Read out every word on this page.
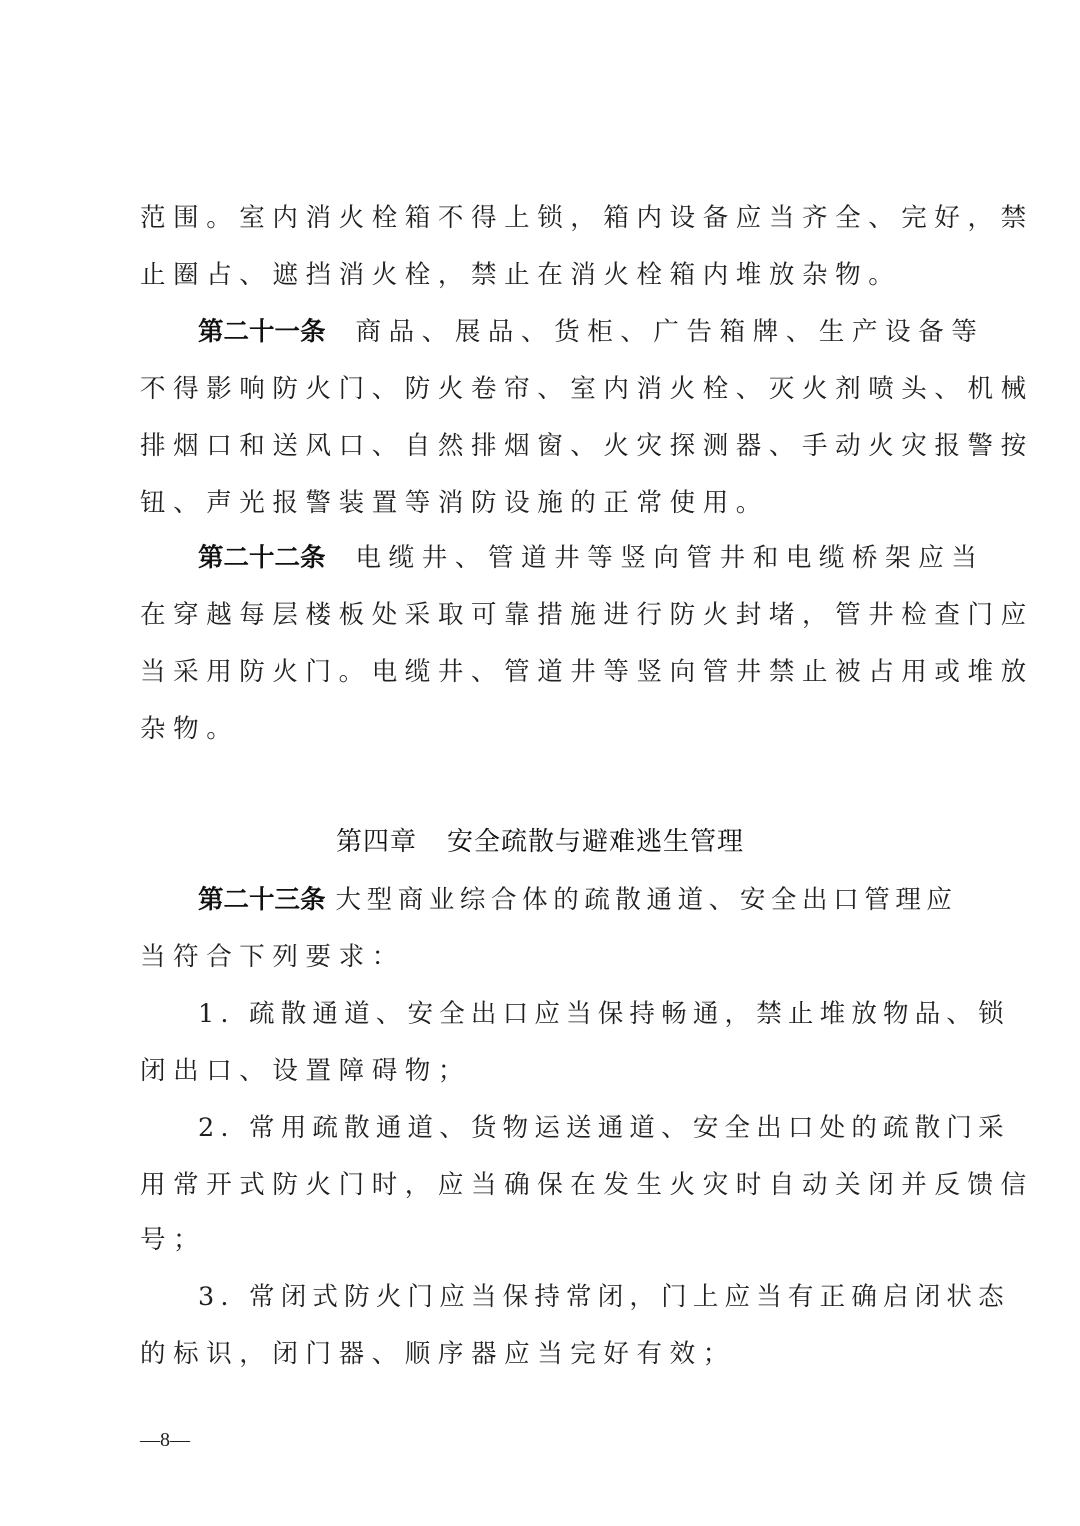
范围。室内消火栓箱不得上锁，箱内设备应当齐全、完好，禁
止圈占、遮挡消火栓，禁止在消火栓箱内堆放杂物。
第二十一条 商品、展品、货柜、广告箱牌、生产设备等
不得影响防火门、防火卷帘、室内消火栓、灭火剂喷头、机械
排烟口和送风口、自然排烟窗、火灾探测器、手动火灾报警按
钮、声光报警装置等消防设施的正常使用。
第二十二条 电缆井、管道井等竖向管井和电缆桥架应当
在穿越每层楼板处采取可靠措施进行防火封堵，管井检查门应
当采用防火门。电缆井、管道井等竖向管井禁止被占用或堆放
杂物。
第四章 安全疏散与避难逃生管理
第二十三条 大型商业综合体的疏散通道、安全出口管理应
当符合下列要求：
1. 疏散通道、安全出口应当保持畅通，禁止堆放物品、锁
闭出口、设置障碍物；
2. 常用疏散通道、货物运送通道、安全出口处的疏散门采
用常开式防火门时，应当确保在发生火灾时自动关闭并反馈信
号；
3. 常闭式防火门应当保持常闭，门上应当有正确启闭状态
的标识，闭门器、顺序器应当完好有效；
—8—
